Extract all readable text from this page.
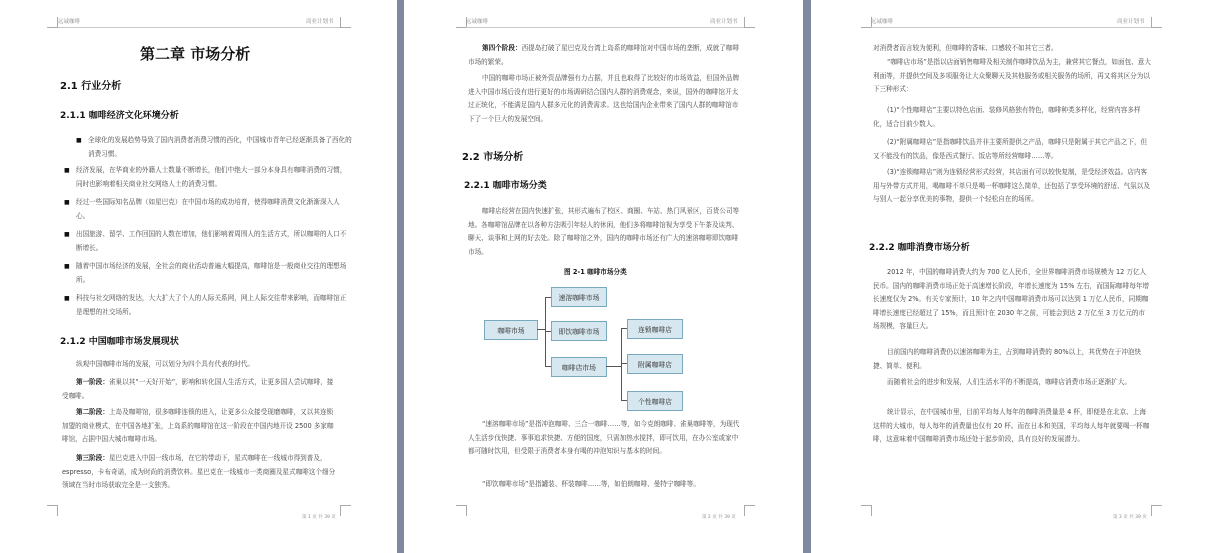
远诚咖啡	商业计划书
第二章 市场分析
2.1 行业分析
2.1.1 咖啡经济文化环境分析
■ 全球化的发展趋势导致了国内消费者消费习惯的西化，中国城市青年已经逐渐具备了西化的消费习惯。
■ 经济发展，在华商业的外籍人士数量不断增长，他们中绝大一部分本身具有咖啡消费的习惯，同时也影响着相关商业社交网络人士的消费习惯。
■ 经过一些国际知名品牌（如星巴克）在中国市场的成功培育，使得咖啡消费文化渐渐深入人心。
■ 出国旅游、留学、工作回国的人数在增加，他们影响着周围人的生活方式，所以咖啡的人口不断增长。
■ 随着中国市场经济的发展，全社会的商业活动普遍大幅提高，咖啡馆是一般商业交往的理想场所。
■ 科技与社交网络的发达，大大扩大了个人的人际关系网，网上人际交往带来影响，而咖啡馆正是理想的社交场所。
2.1.2 中国咖啡市场发展现状
纵观中国咖啡市场的发展，可以划分为四个具有代表的时代。
第一阶段：雀巢以其“一天好开始”，影响和转化国人生活方式，让更多国人尝试咖啡，接受咖啡。
第二阶段：上岛及咖啡馆，很多咖啡连锁的进入，让更多公众接受现磨咖啡，又以其连锁加盟的商业模式，在中国各地扩张，上岛系的咖啡馆在这一阶段在中国内地开设 2500 多家咖啡馆，占据中国大城市咖啡市场。
第三阶段：星巴克进入中国一线市场，在它的带动下，星式咖啡在一线城市得到普及，espresso，卡布奇诺，成为时尚的消费饮料。星巴克在一线城市一类商圈及星式咖啡这个细分领域在当时市场获取完全是一支独秀。
第 1 页 共 39 页
远诚咖啡	商业计划书
第四个阶段：西提岛打破了星巴克及台湾上岛系的咖啡馆对中国市场的垄断，成就了咖啡市场的繁荣。
中国的咖啡市场正被外资品牌强有力占据，并且也取得了比较好的市场效益，但国外品牌进入中国市场后没有进行更好的市场调研结合国内人群的消费观念，来说，国外的咖啡馆开太过正统化，不能满足国内人群多元化的消费需求。这也给国内企业带来了国内人群的咖啡馆市下了一个巨大的发展空间。
2.2 市场分析
2.2.1 咖啡市场分类
咖啡店经营在国内快速扩张，其形式遍布了校区、商圈、车站、热门风景区，百货公司等地。各咖啡馆品牌在以各种方法吸引年轻人的休闲，他们多将咖啡馆视为享受下午茶及谈判、聊天、谈事和上网的好去处。除了咖啡馆之外，国内的咖啡市场还有广大的速溶咖啡即饮咖啡市场。
图 2-1 咖啡市场分类
咖啡市场
速溶咖啡市场
即饮咖啡市场
咖啡店市场
连锁咖啡店
附属咖啡店
个性咖啡店
“速溶咖啡市场”是指冲泡咖啡、三合一咖啡……等，如今克朗咖啡、雀巢咖啡等，为现代人生活步伐快捷、事事追求快捷、方便的国度，只需加热水搅拌，即可饮用，在办公室或家中都可随时饮用，但受限于消费者本身有喝的冲泡知识与基本的时间。
“即饮咖啡市场”是指罐装、杯装咖啡……等，如伯朗咖啡、曼特宁咖啡等。
第 2 页 共 39 页
远诚咖啡	商业计划书
对消费者而言较为便利，但咖啡的香味、口感较不如其它三者。
“咖啡店市场”是指以店面销售咖啡及相关制作咖啡饮品为主，兼营其它餐点，如面包、意大利面等，并提供空间及多项服务让大众聚聊天及其他服务或相关服务的场所，再又将其区分为以下三种形式：
(1)“个性咖啡店”主要以特色店面、装修风格独有特色，咖啡种类多样化，经营内容多样化，适合目前少数人。
(2)“附属咖啡店”是指咖啡饮品并非主要所提供之产品，咖啡只是附属于其它产品之下，但又不能没有的饮品，像是西式餐厅、饭店等所经营咖啡……等。
(3)“连锁咖啡店”则为连锁经营形式经营，其店面有可以较快复制，是受经济效益。店内客用与外带方式并用，喝咖啡不单只是喝一杯咖啡这么简单，还包括了享受环境的舒适、气氛以及与别人一起分享优美的事物，提供一个轻松自在的场所。
2.2.2 咖啡消费市场分析
2012 年，中国的咖啡消费大约为 700 亿人民币，全世界咖啡消费市场规模为 12 万亿人民币。国内的咖啡消费市场正处于高速增长阶段，年增长速度为 15% 左右，而国际咖啡每年增长速度仅为 2%。有关专家预计，10 年之内中国咖啡消费市场可以达到 1 万亿人民币，同期咖啡增长速度已经超过了 15%，而且预计在 2030 年之前，可能会到达 2 万亿至 3 万亿元的市场规模，容量巨大。
目前国内的咖啡消费仍以速溶咖啡为主，占到咖啡消费的 80%以上，其优势在于冲泡快捷、简单、便利。
而随着社会的进步和发展，人们生活水平的不断提高，咖啡店消费市场正逐渐扩大。
统计显示，在中国城市里，目前平均每人每年的咖啡消费量是 4 杯，即便是在北京、上海这样的大城市，每人每年的消费量也仅有 20 杯。而在日本和美国，平均每人每年就要喝一杯咖啡，这意味着中国咖啡消费市场还处于起步阶段，具有良好的发展潜力。
第 3 页 共 39 页
